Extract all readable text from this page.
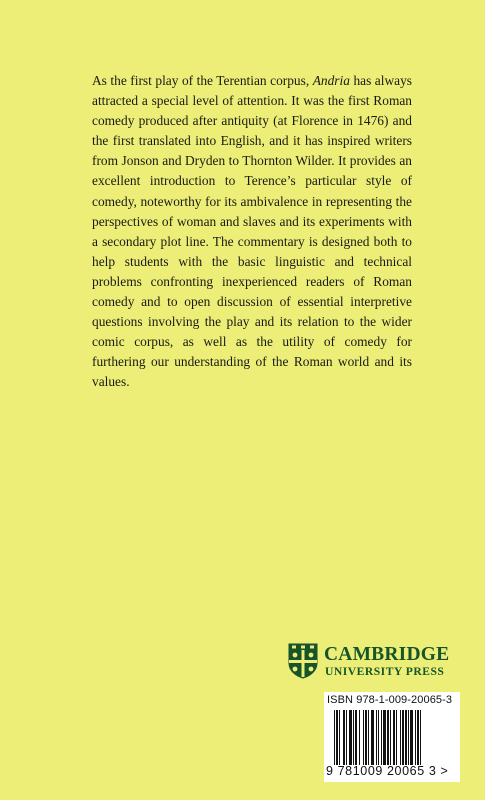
As the first play of the Terentian corpus, Andria has always attracted a special level of attention. It was the first Roman comedy produced after antiquity (at Florence in 1476) and the first translated into English, and it has inspired writers from Jonson and Dryden to Thornton Wilder. It provides an excellent introduction to Terence’s particular style of comedy, noteworthy for its ambivalence in representing the perspectives of woman and slaves and its experiments with a secondary plot line. The commentary is designed both to help students with the basic linguistic and technical problems confronting inexperienced readers of Roman comedy and to open discussion of essential interpretive questions involving the play and its relation to the wider comic corpus, as well as the utility of comedy for furthering our understanding of the Roman world and its values.
CAMBRIDGE
UNIVERSITY PRESS
ISBN 978-1-009-20065-3
9 781009 20065 3 >
